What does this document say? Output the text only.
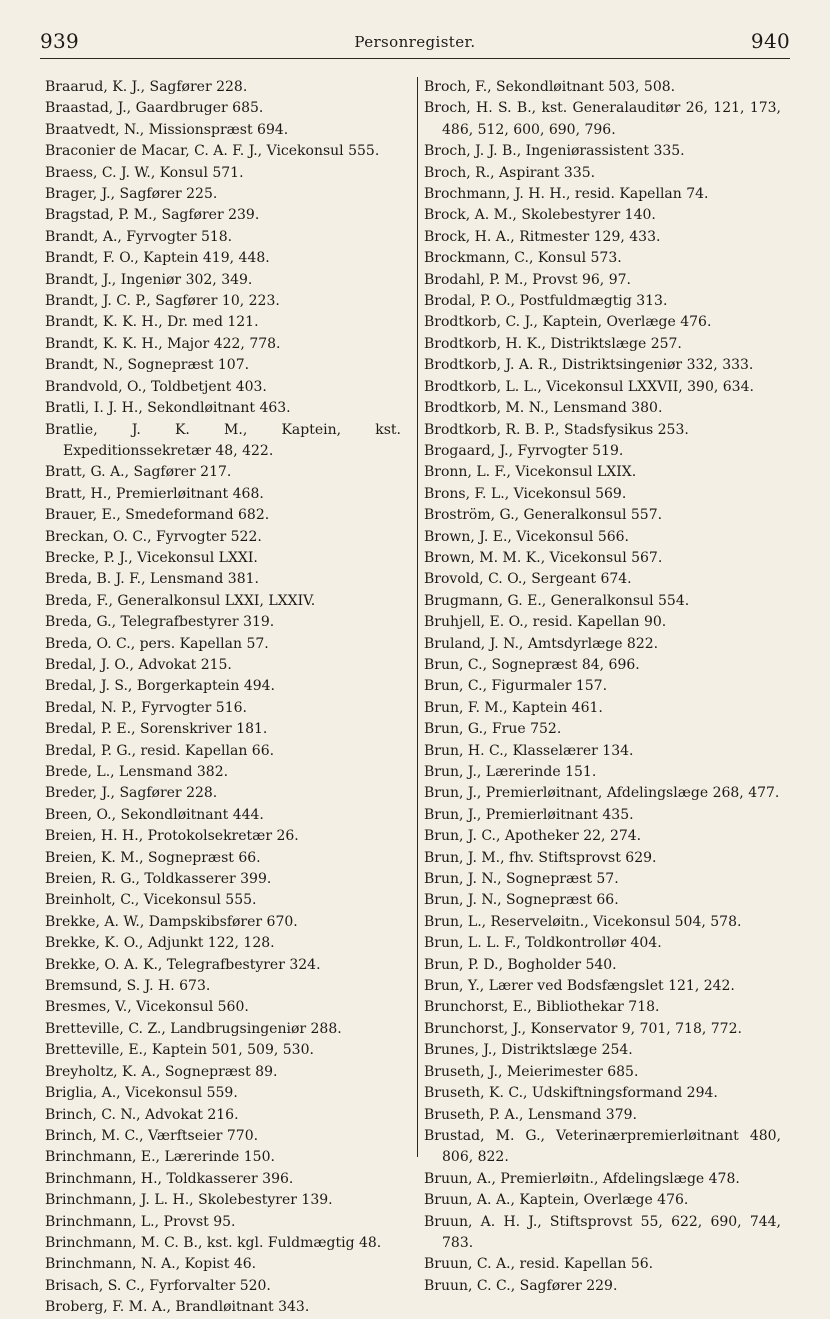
939	Personregister.	940

Braarud, K. J., Sagfører 228.

Braastad, J., Gaardbruger 685.

Braatvedt, N., Missionspræst 694.

Braconier de Macar, C. A. F. J., Vicekonsul 555.

Braess, C. J. W., Konsul 571.

Brager, J., Sagfører 225.

Bragstad, P. M., Sagfører 239.

Brandt, A., Fyrvogter 518.

Brandt, F. O., Kaptein 419, 448.

Brandt, J., Ingeniør 302, 349.

Brandt, J. C. P., Sagfører 10, 223.

Brandt, K. K. H., Dr. med 121.

Brandt, K. K. H., Major 422, 778.

Brandt, N., Sognepræst 107.

Brandvold, O., Toldbetjent 403.

Bratli, I. J. H., Sekondløitnant 463.

Bratlie, J. K. M., Kaptein, kst. Expeditionssekretær 48, 422.

Bratt, G. A., Sagfører 217.

Bratt, H., Premierløitnant 468.

Brauer, E., Smedeformand 682.

Breckan, O. C., Fyrvogter 522.

Brecke, P. J., Vicekonsul LXXI.

Breda, B. J. F., Lensmand 381.

Breda, F., Generalkonsul LXXI, LXXIV.

Breda, G., Telegrafbestyrer 319.

Breda, O. C., pers. Kapellan 57.

Bredal, J. O., Advokat 215.

Bredal, J. S., Borgerkaptein 494.

Bredal, N. P., Fyrvogter 516.

Bredal, P. E., Sorenskriver 181.

Bredal, P. G., resid. Kapellan 66.

Brede, L., Lensmand 382.

Breder, J., Sagfører 228.

Breen, O., Sekondløitnant 444.

Breien, H. H., Protokolsekretær 26.

Breien, K. M., Sognepræst 66.

Breien, R. G., Toldkasserer 399.

Breinholt, C., Vicekonsul 555.

Brekke, A. W., Dampskibsfører 670.

Brekke, K. O., Adjunkt 122, 128.

Brekke, O. A. K., Telegrafbestyrer 324.

Bremsund, S. J. H. 673.

Bresmes, V., Vicekonsul 560.

Bretteville, C. Z., Landbrugsingeniør 288.

Bretteville, E., Kaptein 501, 509, 530.

Breyholtz, K. A., Sognepræst 89.

Briglia, A., Vicekonsul 559.

Brinch, C. N., Advokat 216.

Brinch, M. C., Værftseier 770.

Brinchmann, E., Lærerinde 150.

Brinchmann, H., Toldkasserer 396.

Brinchmann, J. L. H., Skolebestyrer 139.

Brinchmann, L., Provst 95.

Brinchmann, M. C. B., kst. kgl. Fuldmægtig 48.

Brinchmann, N. A., Kopist 46.

Brisach, S. C., Fyrforvalter 520.

Broberg, F. M. A., Brandløitnant 343.

Broch, F., Sekondløitnant 503, 508.

Broch, H. S. B., kst. Generalauditør 26, 121, 173, 486, 512, 600, 690, 796.

Broch, J. J. B., Ingeniørassistent 335.

Broch, R., Aspirant 335.

Brochmann, J. H. H., resid. Kapellan 74.

Brock, A. M., Skolebestyrer 140.

Brock, H. A., Ritmester 129, 433.

Brockmann, C., Konsul 573.

Brodahl, P. M., Provst 96, 97.

Brodal, P. O., Postfuldmægtig 313.

Brodtkorb, C. J., Kaptein, Overlæge 476.

Brodtkorb, H. K., Distriktslæge 257.

Brodtkorb, J. A. R., Distriktsingeniør 332, 333.

Brodtkorb, L. L., Vicekonsul LXXVII, 390, 634.

Brodtkorb, M. N., Lensmand 380.

Brodtkorb, R. B. P., Stadsfysikus 253.

Brogaard, J., Fyrvogter 519.

Bronn, L. F., Vicekonsul LXIX.

Brons, F. L., Vicekonsul 569.

Broström, G., Generalkonsul 557.

Brown, J. E., Vicekonsul 566.

Brown, M. M. K., Vicekonsul 567.

Brovold, C. O., Sergeant 674.

Brugmann, G. E., Generalkonsul 554.

Bruhjell, E. O., resid. Kapellan 90.

Bruland, J. N., Amtsdyrlæge 822.

Brun, C., Sognepræst 84, 696.

Brun, C., Figurmaler 157.

Brun, F. M., Kaptein 461.

Brun, G., Frue 752.

Brun, H. C., Klasselærer 134.

Brun, J., Lærerinde 151.

Brun, J., Premierløitnant, Afdelingslæge 268, 477.

Brun, J., Premierløitnant 435.

Brun, J. C., Apotheker 22, 274.

Brun, J. M., fhv. Stiftsprovst 629.

Brun, J. N., Sognepræst 57.

Brun, J. N., Sognepræst 66.

Brun, L., Reserveløitn., Vicekonsul 504, 578.

Brun, L. L. F., Toldkontrollør 404.

Brun, P. D., Bogholder 540.

Brun, Y., Lærer ved Bodsfængslet 121, 242.

Brunchorst, E., Bibliothekar 718.

Brunchorst, J., Konservator 9, 701, 718, 772.

Brunes, J., Distriktslæge 254.

Bruseth, J., Meierimester 685.

Bruseth, K. C., Udskiftningsformand 294.

Bruseth, P. A., Lensmand 379.

Brustad, M. G., Veterinærpremierløitnant 480, 806, 822.

Bruun, A., Premierløitn., Afdelingslæge 478.

Bruun, A. A., Kaptein, Overlæge 476.

Bruun, A. H. J., Stiftsprovst 55, 622, 690, 744, 783.

Bruun, C. A., resid. Kapellan 56.

Bruun, C. C., Sagfører 229.
